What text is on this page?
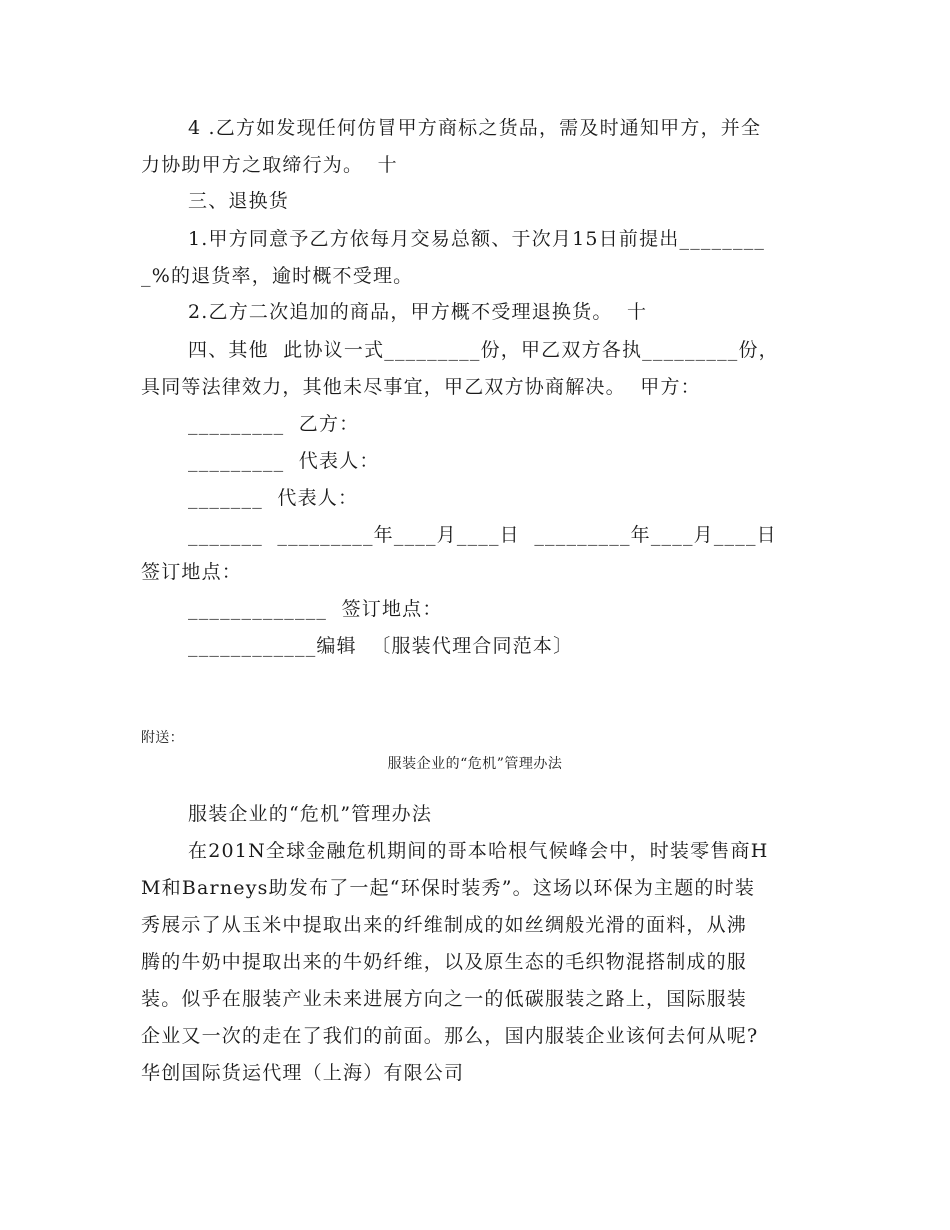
4 .乙方如发现任何仿冒甲方商标之货品，需及时通知甲方，并全
力协助甲方之取缔行为。  十
三、退换货
1.甲方同意予乙方依每月交易总额、于次月15日前提出________
_%的退货率，逾时概不受理。
2.乙方二次追加的商品，甲方概不受理退换货。  十
四、其他  此协议一式_________份，甲乙双方各执_________份，
具同等法律效力，其他未尽事宜，甲乙双方协商解决。  甲方：
_________  乙方：
_________  代表人：
_______  代表人：
_______  _________年____月____日  _________年____月____日
签订地点：
_____________  签订地点：
____________编辑  〔服装代理合同范本〕
附送：
服装企业的“危机”管理办法
服装企业的“危机”管理办法
在201N全球金融危机期间的哥本哈根气候峰会中，时装零售商H
M和Barneys助发布了一起“环保时装秀”。这场以环保为主题的时装
秀展示了从玉米中提取出来的纤维制成的如丝绸般光滑的面料，从沸
腾的牛奶中提取出来的牛奶纤维，以及原生态的毛织物混搭制成的服
装。似乎在服装产业未来进展方向之一的低碳服装之路上，国际服装
企业又一次的走在了我们的前面。那么，国内服装企业该何去何从呢?
华创国际货运代理（上海）有限公司
